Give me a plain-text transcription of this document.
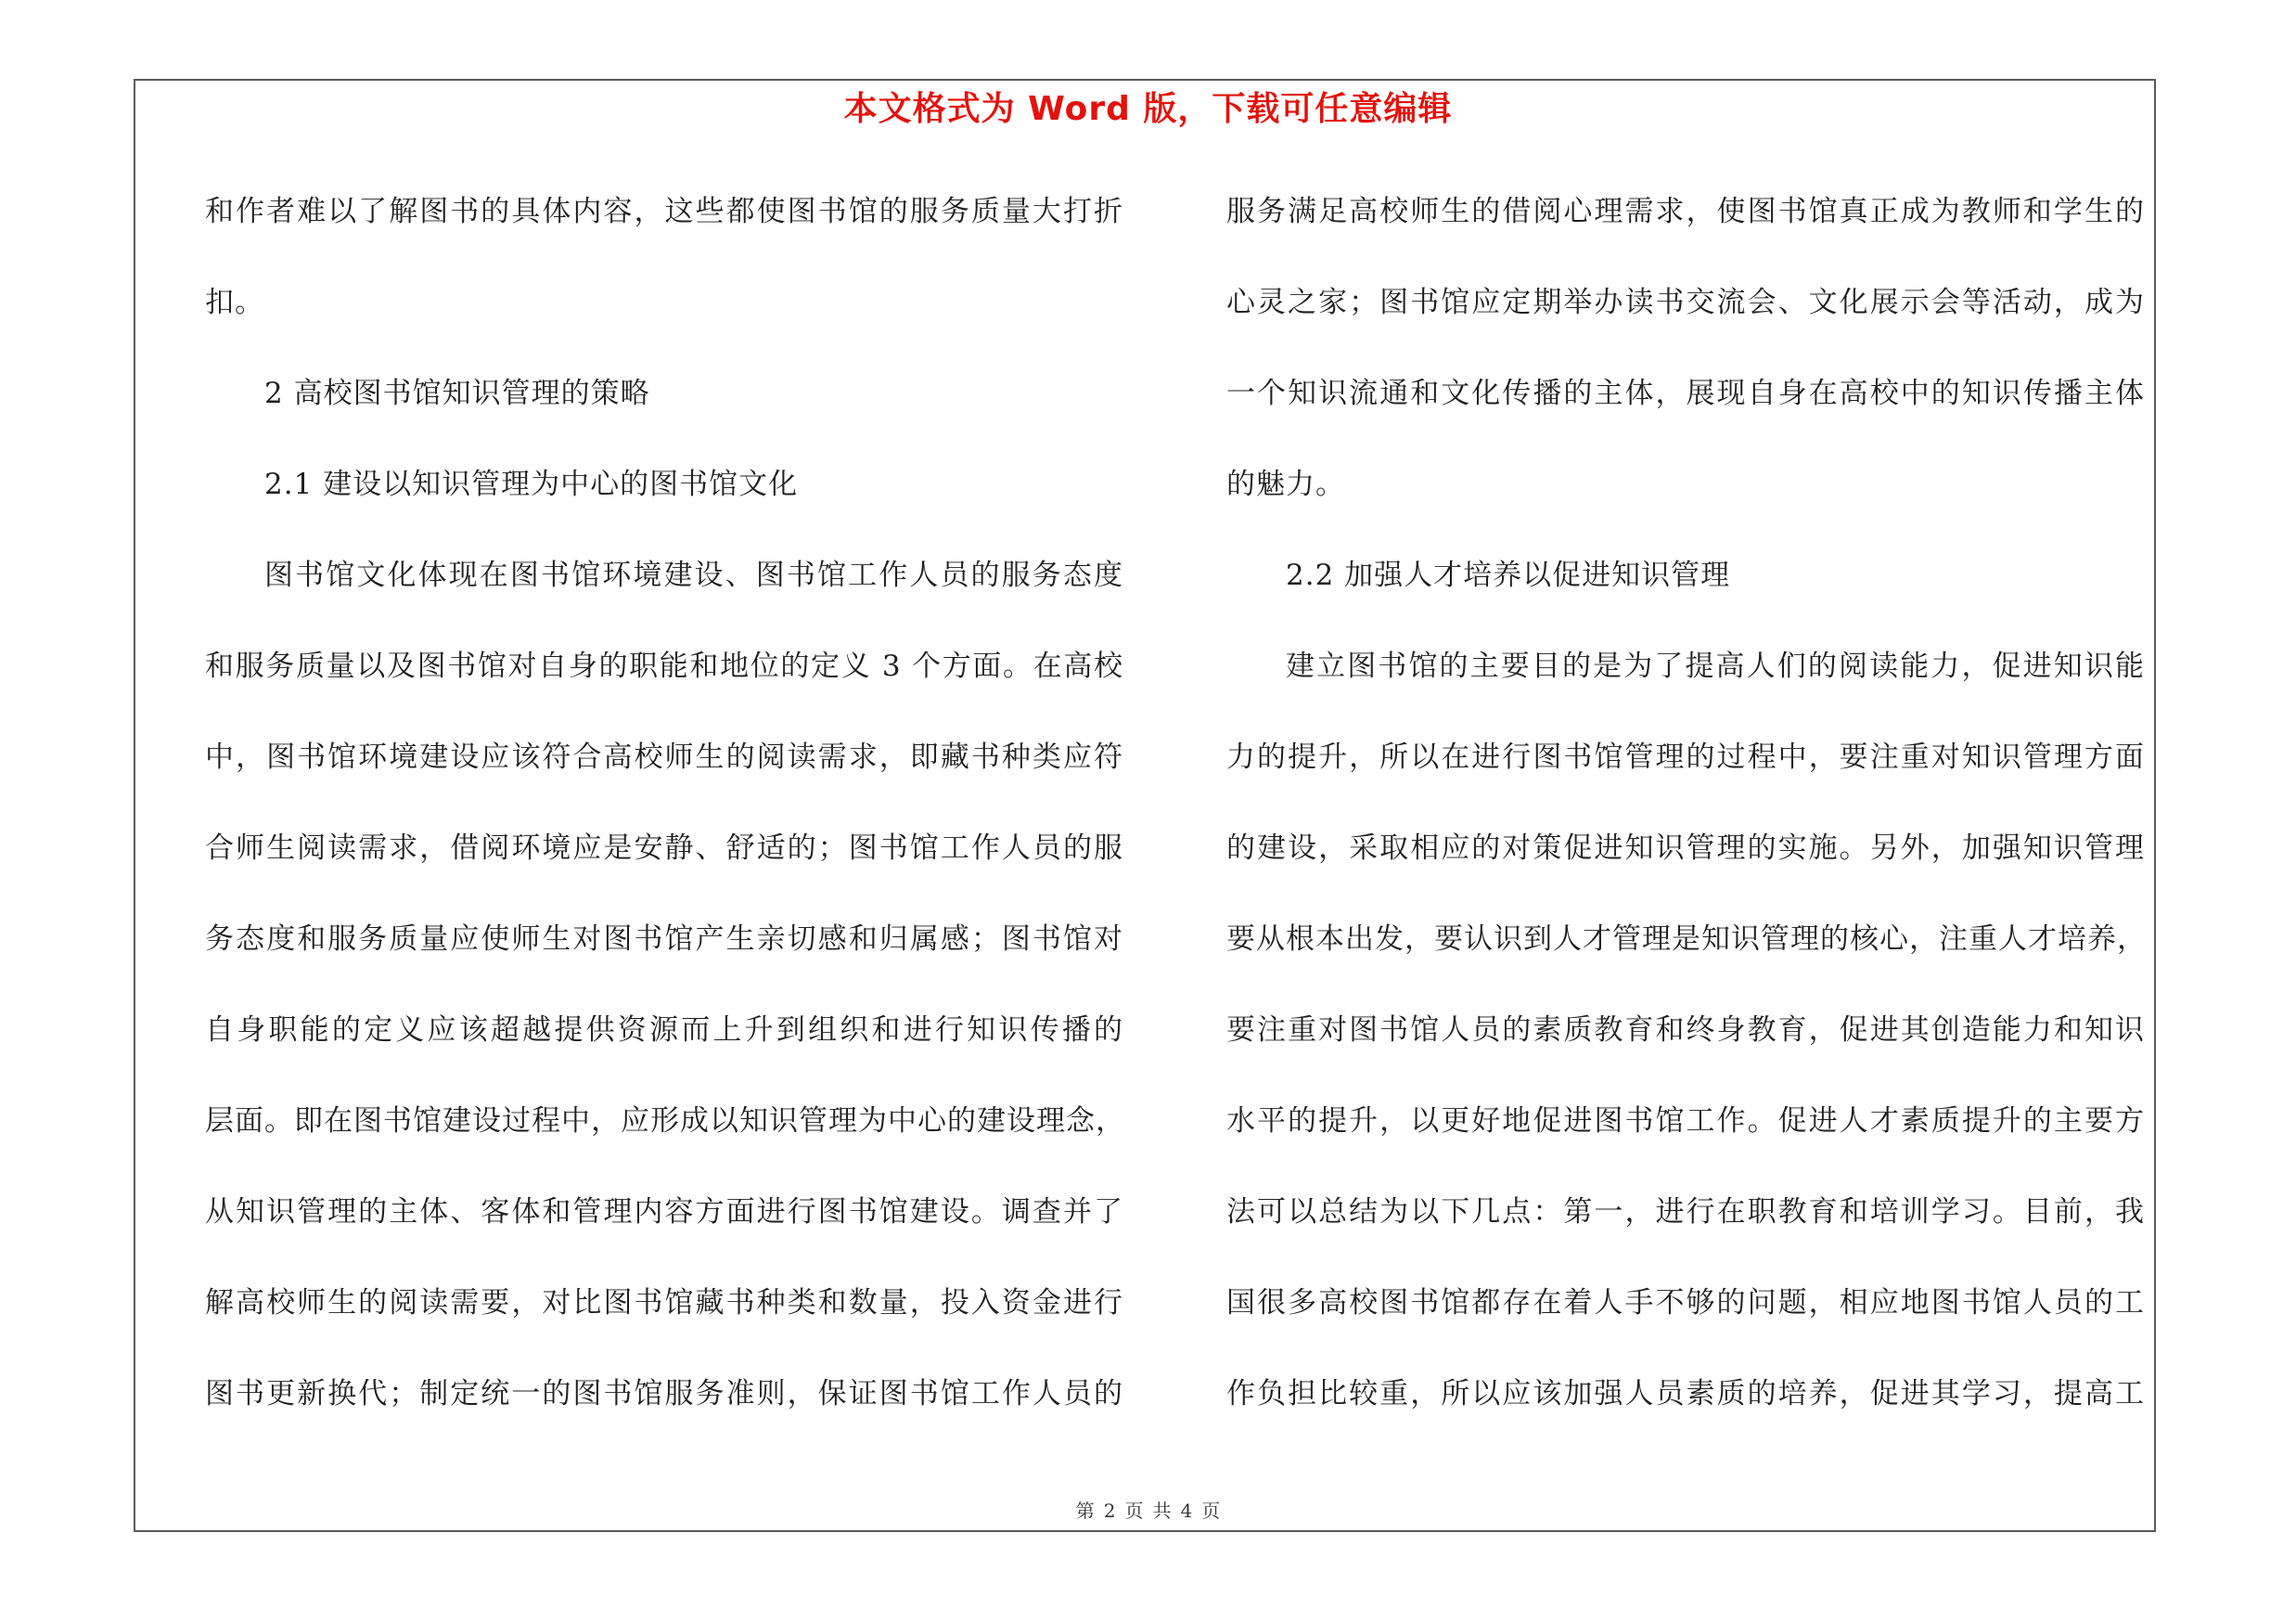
本文格式为 Word 版，下载可任意编辑
和作者难以了解图书的具体内容，这些都使图书馆的服务质量大打折
扣。
2 高校图书馆知识管理的策略
2.1 建设以知识管理为中心的图书馆文化
图书馆文化体现在图书馆环境建设、图书馆工作人员的服务态度
和服务质量以及图书馆对自身的职能和地位的定义 3 个方面。在高校
中，图书馆环境建设应该符合高校师生的阅读需求，即藏书种类应符
合师生阅读需求，借阅环境应是安静、舒适的；图书馆工作人员的服
务态度和服务质量应使师生对图书馆产生亲切感和归属感；图书馆对
自身职能的定义应该超越提供资源而上升到组织和进行知识传播的
层面。即在图书馆建设过程中，应形成以知识管理为中心的建设理念，
从知识管理的主体、客体和管理内容方面进行图书馆建设。调查并了
解高校师生的阅读需要，对比图书馆藏书种类和数量，投入资金进行
图书更新换代；制定统一的图书馆服务准则，保证图书馆工作人员的
服务满足高校师生的借阅心理需求，使图书馆真正成为教师和学生的
心灵之家；图书馆应定期举办读书交流会、文化展示会等活动，成为
一个知识流通和文化传播的主体，展现自身在高校中的知识传播主体
的魅力。
2.2 加强人才培养以促进知识管理
建立图书馆的主要目的是为了提高人们的阅读能力，促进知识能
力的提升，所以在进行图书馆管理的过程中，要注重对知识管理方面
的建设，采取相应的对策促进知识管理的实施。另外，加强知识管理
要从根本出发，要认识到人才管理是知识管理的核心，注重人才培养，
要注重对图书馆人员的素质教育和终身教育，促进其创造能力和知识
水平的提升，以更好地促进图书馆工作。促进人才素质提升的主要方
法可以总结为以下几点：第一，进行在职教育和培训学习。目前，我
国很多高校图书馆都存在着人手不够的问题，相应地图书馆人员的工
作负担比较重，所以应该加强人员素质的培养，促进其学习，提高工
第 2 页 共 4 页
